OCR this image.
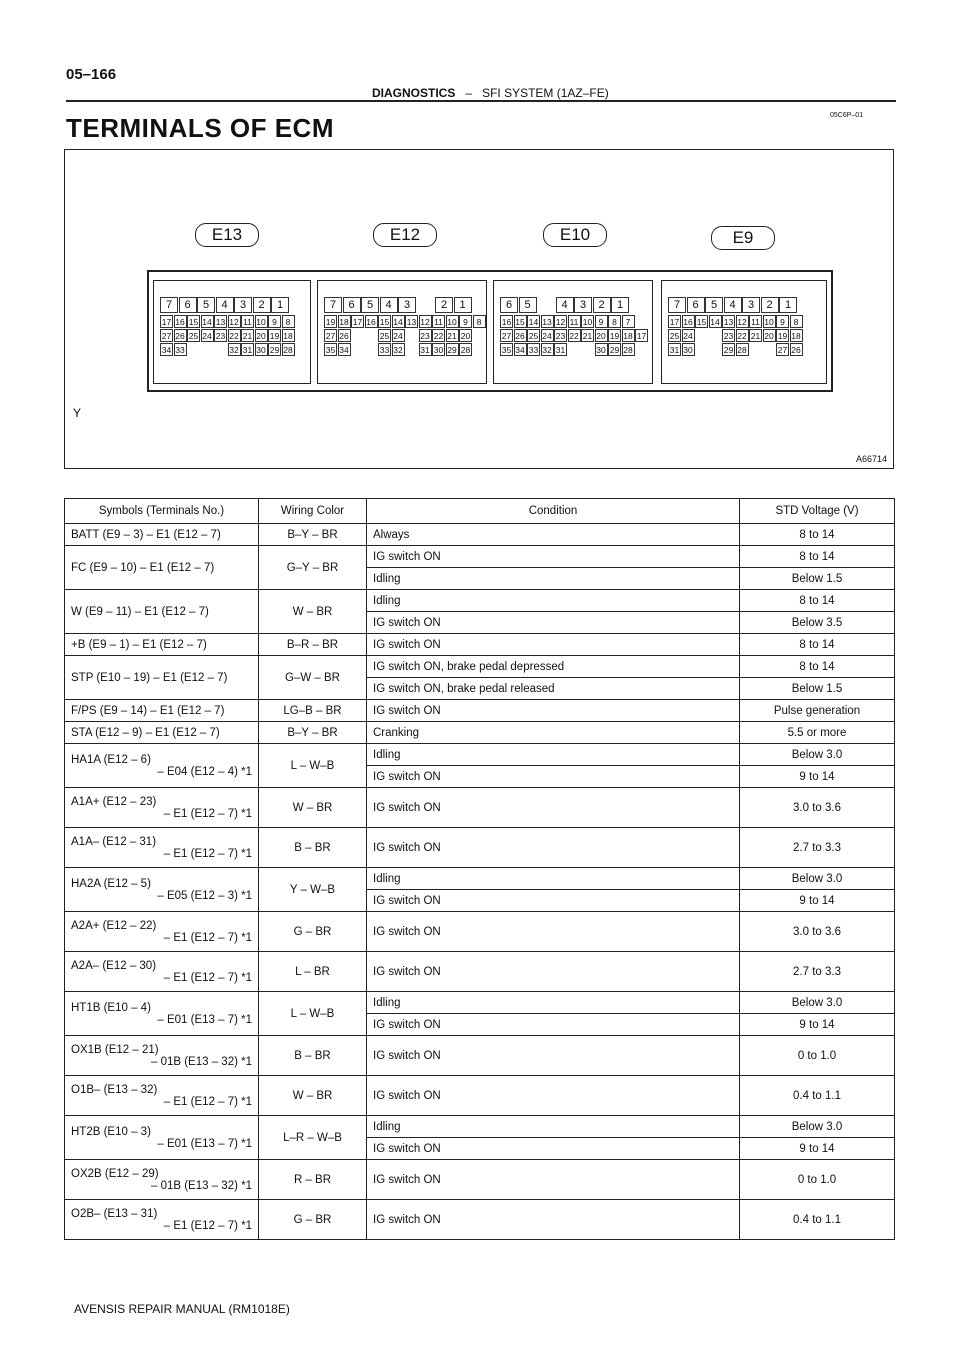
05–166
DIAGNOSTICS – SFI SYSTEM (1AZ–FE)
05C6P–01
TERMINALS OF ECM
E13	E12	E10	E9
7	6	5	4	3	2	1
17 16 15 14 13 12 11 10 9	8
27 26 25 24 23 22 21 20 19 18
34 33	32 31 30 29 28
7	6	5	4	3	2	1
19 18 17 16 15 14 13 12 11 10 9	8
27 26	25 24 23 22 21 20
35 34	33 32 31 30 29 28
6	5	4	3	2	1
16 15 14 13 12 11 10 9	8	7
27 26 25 24 23 22 21 20 19 18 17
35 34 33 32 31	30 29 28
7	6	5	4	3	2	1
17 16 15 14 13 12 11 10 9	8
25 24	23 22 21 20 19 18
31 30	29 28	27 26
Y
A66714
Symbols (Terminals No.)	Wiring Color	Condition	STD Voltage (V)
BATT (E9 – 3) – E1 (E12 – 7)	B–Y – BR	Always	8 to 14
FC (E9 – 10) – E1 (E12 – 7)	G–Y – BR	IG switch ON	8 to 14
		Idling	Below 1.5
W (E9 – 11) – E1 (E12 – 7)	W – BR	Idling	8 to 14
		IG switch ON	Below 3.5
+B (E9 – 1) – E1 (E12 – 7)	B–R – BR	IG switch ON	8 to 14
STP (E10 – 19) – E1 (E12 – 7)	G–W – BR	IG switch ON, brake pedal depressed	8 to 14
		IG switch ON, brake pedal released	Below 1.5
F/PS (E9 – 14) – E1 (E12 – 7)	LG–B – BR	IG switch ON	Pulse generation
STA (E12 – 9) – E1 (E12 – 7)	B–Y – BR	Cranking	5.5 or more
HA1A (E12 – 6)
– E04 (E12 – 4) *1	L – W–B	Idling	Below 3.0
		IG switch ON	9 to 14
A1A+ (E12 – 23)
– E1 (E12 – 7) *1	W – BR	IG switch ON	3.0 to 3.6
A1A– (E12 – 31)
– E1 (E12 – 7) *1	B – BR	IG switch ON	2.7 to 3.3
HA2A (E12 – 5)
– E05 (E12 – 3) *1	Y – W–B	Idling	Below 3.0
		IG switch ON	9 to 14
A2A+ (E12 – 22)
– E1 (E12 – 7) *1	G – BR	IG switch ON	3.0 to 3.6
A2A– (E12 – 30)
– E1 (E12 – 7) *1	L – BR	IG switch ON	2.7 to 3.3
HT1B (E10 – 4)
– E01 (E13 – 7) *1	L – W–B	Idling	Below 3.0
		IG switch ON	9 to 14
OX1B (E12 – 21)
– 01B (E13 – 32) *1	B – BR	IG switch ON	0 to 1.0
O1B– (E13 – 32)
– E1 (E12 – 7) *1	W – BR	IG switch ON	0.4 to 1.1
HT2B (E10 – 3)
– E01 (E13 – 7) *1	L–R – W–B	Idling	Below 3.0
		IG switch ON	9 to 14
OX2B (E12 – 29)
– 01B (E13 – 32) *1	R – BR	IG switch ON	0 to 1.0
O2B– (E13 – 31)
– E1 (E12 – 7) *1	G – BR	IG switch ON	0.4 to 1.1
AVENSIS REPAIR MANUAL (RM1018E)
